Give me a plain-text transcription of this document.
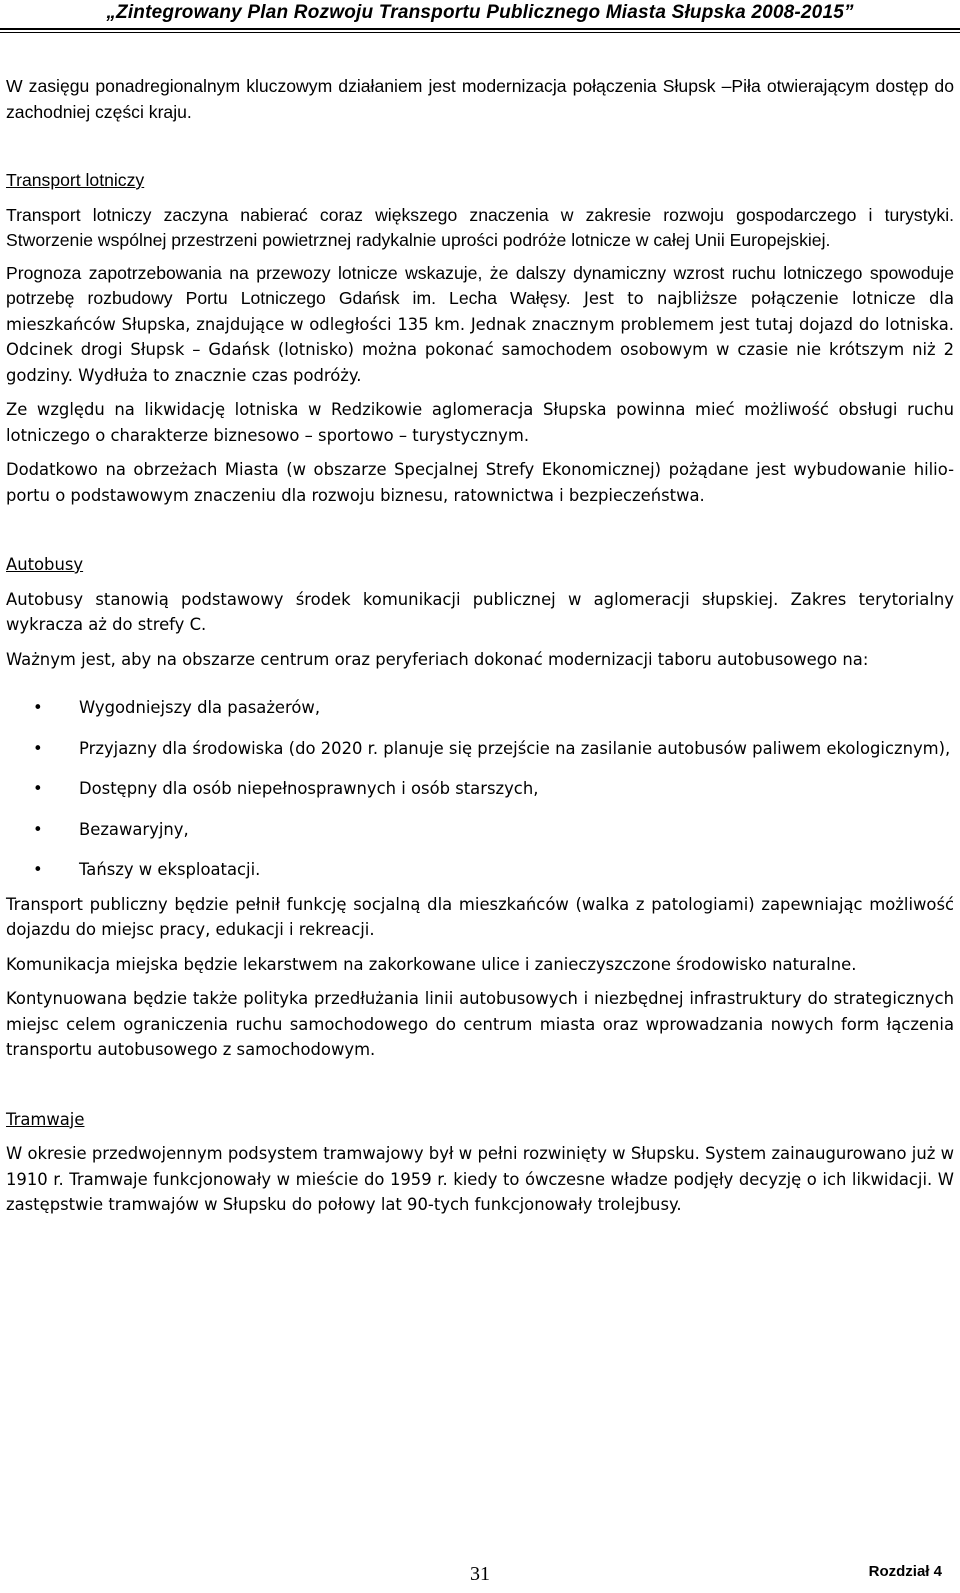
„Zintegrowany Plan Rozwoju Transportu Publicznego Miasta Słupska 2008-2015”

W zasięgu ponadregionalnym kluczowym działaniem jest modernizacja połączenia Słupsk –Piła otwierającym dostęp do zachodniej części kraju.

Transport lotniczy

Transport lotniczy zaczyna nabierać coraz większego znaczenia w zakresie rozwoju gospodarczego i turystyki. Stworzenie wspólnej przestrzeni powietrznej radykalnie uprości podróże lotnicze w całej Unii Europejskiej.

Prognoza zapotrzebowania na przewozy lotnicze wskazuje, że dalszy dynamiczny wzrost ruchu lotniczego spowoduje potrzebę rozbudowy Portu Lotniczego Gdańsk im. Lecha Wałęsy. Jest to najbliższe połączenie lotnicze dla mieszkańców Słupska, znajdujące w odległości 135 km. Jednak znacznym problemem jest tutaj dojazd do lotniska. Odcinek drogi Słupsk – Gdańsk (lotnisko) można pokonać samochodem osobowym w czasie nie krótszym niż 2 godziny. Wydłuża to znacznie czas podróży.

Ze względu na likwidację lotniska w Redzikowie aglomeracja Słupska powinna mieć możliwość obsługi ruchu lotniczego o charakterze biznesowo – sportowo – turystycznym.

Dodatkowo na obrzeżach Miasta (w obszarze Specjalnej Strefy Ekonomicznej) pożądane jest wybudowanie hilio-portu o podstawowym znaczeniu dla rozwoju biznesu, ratownictwa i bezpieczeństwa.

Autobusy

Autobusy stanowią podstawowy środek komunikacji publicznej w aglomeracji słupskiej. Zakres terytorialny wykracza aż do strefy C.

Ważnym jest, aby na obszarze centrum oraz peryferiach dokonać modernizacji taboru autobusowego na:

• Wygodniejszy dla pasażerów,
• Przyjazny dla środowiska (do 2020 r. planuje się przejście na zasilanie autobusów paliwem ekologicznym),
• Dostępny dla osób niepełnosprawnych i osób starszych,
• Bezawaryjny,
• Tańszy w eksploatacji.

Transport publiczny będzie pełnił funkcję socjalną dla mieszkańców (walka z patologiami) zapewniając możliwość dojazdu do miejsc pracy, edukacji i rekreacji.

Komunikacja miejska będzie lekarstwem na zakorkowane ulice i zanieczyszczone środowisko naturalne.

Kontynuowana będzie także polityka przedłużania linii autobusowych i niezbędnej infrastruktury do strategicznych miejsc celem ograniczenia ruchu samochodowego do centrum miasta oraz wprowadzania nowych form łączenia transportu autobusowego z samochodowym.

Tramwaje

W okresie przedwojennym podsystem tramwajowy był w pełni rozwinięty w Słupsku. System zainaugurowano już w 1910 r. Tramwaje funkcjonowały w mieście do 1959 r. kiedy to ówczesne władze podjęły decyzję o ich likwidacji. W zastępstwie tramwajów w Słupsku do połowy lat 90-tych funkcjonowały trolejbusy.

31	Rozdział 4
